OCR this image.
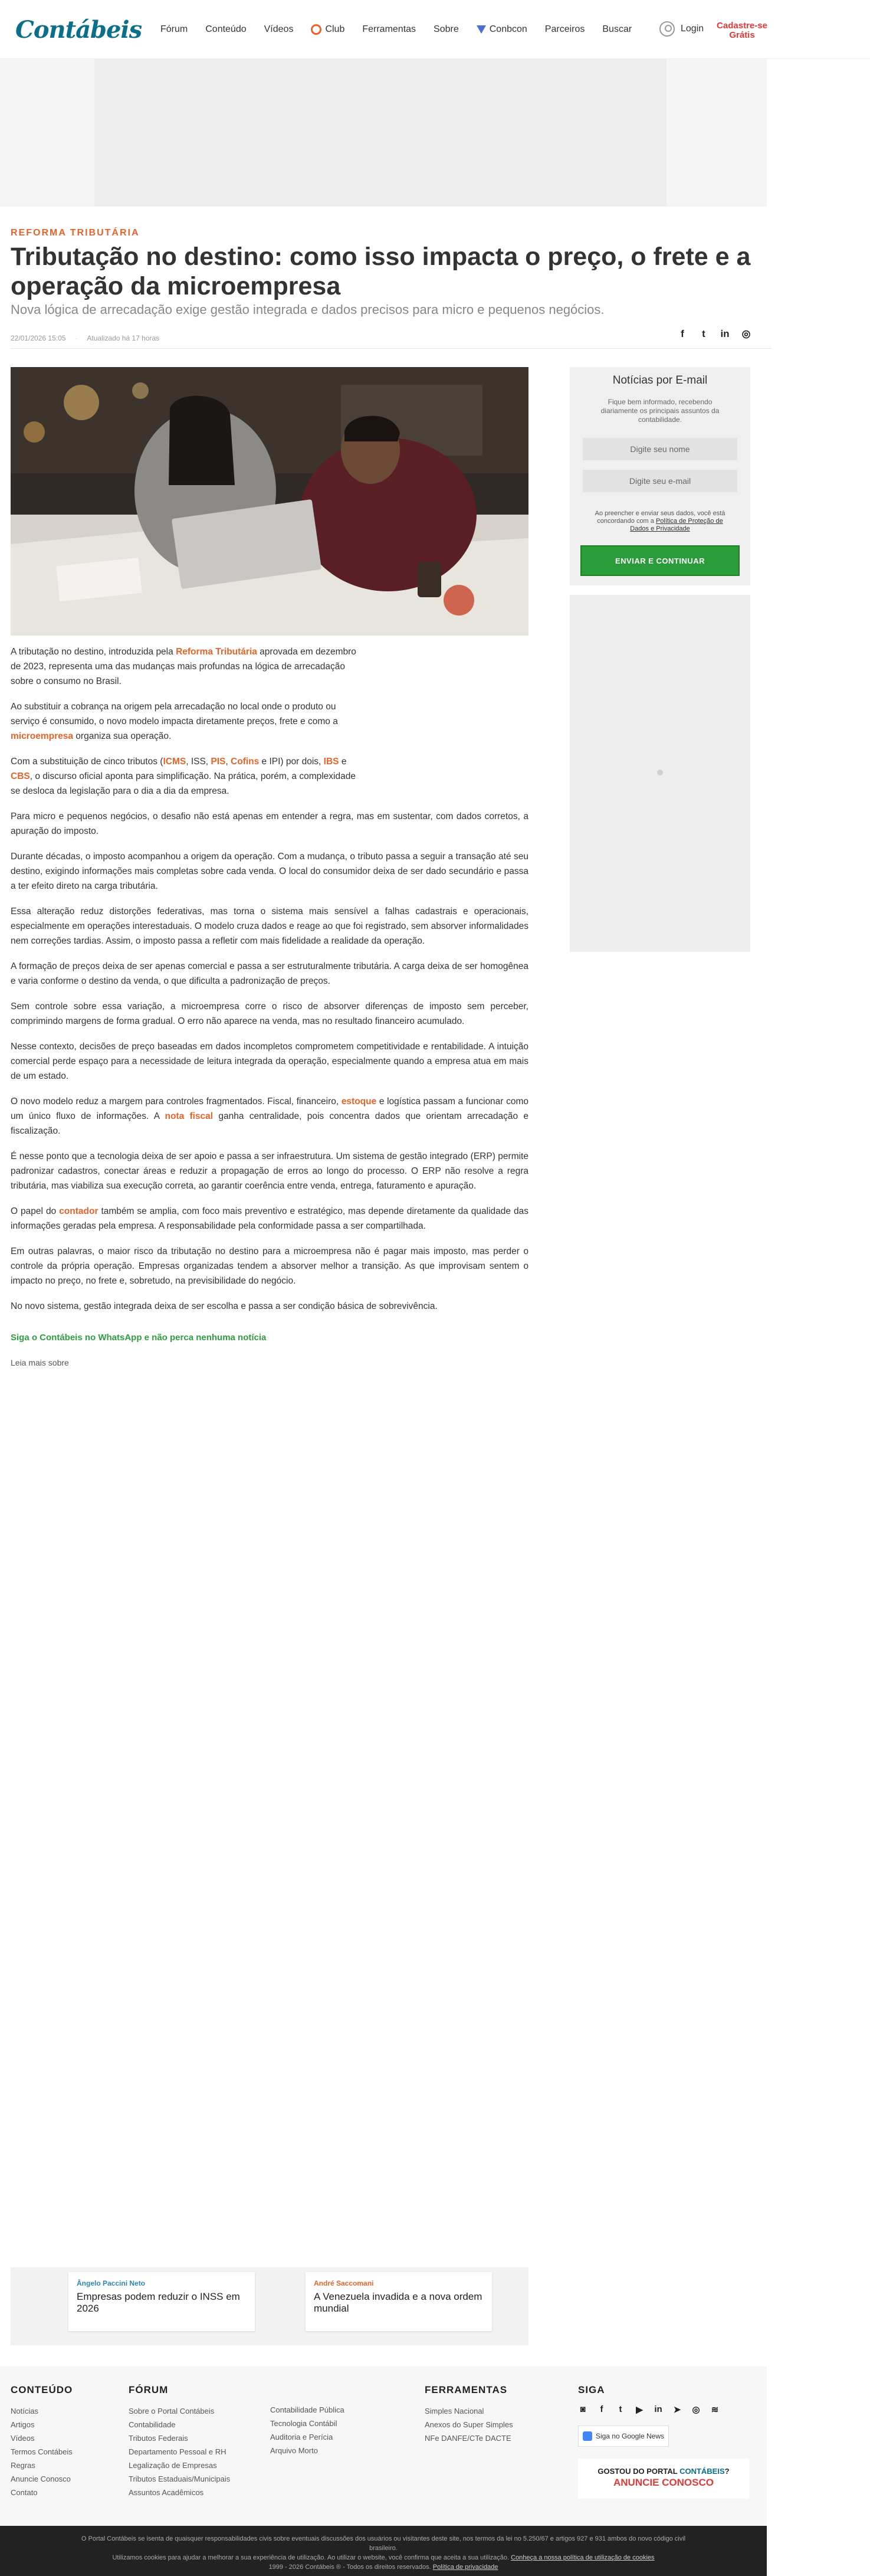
Contábeis Fórum Conteúdo Vídeos	Club Ferramentas Sobre	Conbcon Parceiros Buscar	Login	Cadastre-se
Grátis
REFORMA TRIBUTÁRIA
Tributação no destino: como isso impacta o preço, o frete e a operação da microempresa
Nova lógica de arrecadação exige gestão integrada e dados precisos para micro e pequenos negócios.
22/01/2026 15:05 · Atualizado há 17 horas	f	t	in ◎

A tributação no destino, introduzida pela Reforma Tributária aprovada em dezembro de 2023, representa uma das mudanças mais profundas na lógica de arrecadação sobre o consumo no Brasil.

Ao substituir a cobrança na origem pela arrecadação no local onde o produto ou serviço é consumido, o novo modelo impacta diretamente preços, frete e como a microempresa organiza sua operação.

Com a substituição de cinco tributos (ICMS, ISS, PIS, Cofins e IPI) por dois, IBS e CBS, o discurso oficial aponta para simplificação. Na prática, porém, a complexidade se desloca da legislação para o dia a dia da empresa.

Para micro e pequenos negócios, o desafio não está apenas em entender a regra, mas em sustentar, com dados corretos, a apuração do imposto.

Durante décadas, o imposto acompanhou a origem da operação. Com a mudança, o tributo passa a seguir a transação até seu destino, exigindo informações mais completas sobre cada venda. O local do consumidor deixa de ser dado secundário e passa a ter efeito direto na carga tributária.

Essa alteração reduz distorções federativas, mas torna o sistema mais sensível a falhas cadastrais e operacionais, especialmente em operações interestaduais. O modelo cruza dados e reage ao que foi registrado, sem absorver informalidades nem correções tardias. Assim, o imposto passa a refletir com mais fidelidade a realidade da operação.

A formação de preços deixa de ser apenas comercial e passa a ser estruturalmente tributária. A carga deixa de ser homogênea e varia conforme o destino da venda, o que dificulta a padronização de preços.

Sem controle sobre essa variação, a microempresa corre o risco de absorver diferenças de imposto sem perceber, comprimindo margens de forma gradual. O erro não aparece na venda, mas no resultado financeiro acumulado.

Nesse contexto, decisões de preço baseadas em dados incompletos comprometem competitividade e rentabilidade. A intuição comercial perde espaço para a necessidade de leitura integrada da operação, especialmente quando a empresa atua em mais de um estado.

O novo modelo reduz a margem para controles fragmentados. Fiscal, financeiro, estoque e logística passam a funcionar como um único fluxo de informações. A nota fiscal ganha centralidade, pois concentra dados que orientam arrecadação e fiscalização.

É nesse ponto que a tecnologia deixa de ser apoio e passa a ser infraestrutura. Um sistema de gestão integrado (ERP) permite padronizar cadastros, conectar áreas e reduzir a propagação de erros ao longo do processo. O ERP não resolve a regra tributária, mas viabiliza sua execução correta, ao garantir coerência entre venda, entrega, faturamento e apuração.

O papel do contador também se amplia, com foco mais preventivo e estratégico, mas depende diretamente da qualidade das informações geradas pela empresa. A responsabilidade pela conformidade passa a ser compartilhada.

Em outras palavras, o maior risco da tributação no destino para a microempresa não é pagar mais imposto, mas perder o controle da própria operação. Empresas organizadas tendem a absorver melhor a transição. As que improvisam sentem o impacto no preço, no frete e, sobretudo, na previsibilidade do negócio.

No novo sistema, gestão integrada deixa de ser escolha e passa a ser condição básica de sobrevivência.

Siga o Contábeis no WhatsApp e não perca nenhuma notícia

Leia mais sobre

Notícias por E-mail
Fique bem informado, recebendo diariamente os principais assuntos da contabilidade.
Digite seu nome
Digite seu e-mail
Ao preencher e enviar seus dados, você está concordando com a Política de Proteção de Dados e Privacidade
ENVIAR E CONTINUAR
Ângelo Paccini Neto
Empresas podem reduzir o INSS em 2026
André Saccomani
A Venezuela invadida e a nova ordem mundial
CONTEÚDO
Notícias
Artigos
Vídeos
Termos Contábeis
Regras
Anuncie Conosco
Contato
FÓRUM
Sobre o Portal Contábeis
Contabilidade
Tributos Federais
Departamento Pessoal e RH
Legalização de Empresas
Tributos Estaduais/Municipais
Assuntos Acadêmicos
Contabilidade Pública
Tecnologia Contábil
Auditoria e Perícia
Arquivo Morto
FERRAMENTAS
Simples Nacional
Anexos do Super Simples
NFe DANFE/CTe DACTE
SIGA
◙	f	t	▶ in ➤ ◎ ≋
Siga no Google News
GOSTOU DO PORTAL CONTÁBEIS?
ANUNCIE CONOSCO
O Portal Contábeis se isenta de quaisquer responsabilidades civis sobre eventuais discussões dos usuários ou visitantes deste site, nos termos da lei no 5.250/67 e artigos 927 e 931 ambos do novo código civil brasileiro.
Utilizamos cookies para ajudar a melhorar a sua experiência de utilização. Ao utilizar o website, você confirma que aceita a sua utilização. Conheça a nossa política de utilização de cookies
1999 - 2026 Contábeis ® - Todos os direitos reservados. Política de privacidade
